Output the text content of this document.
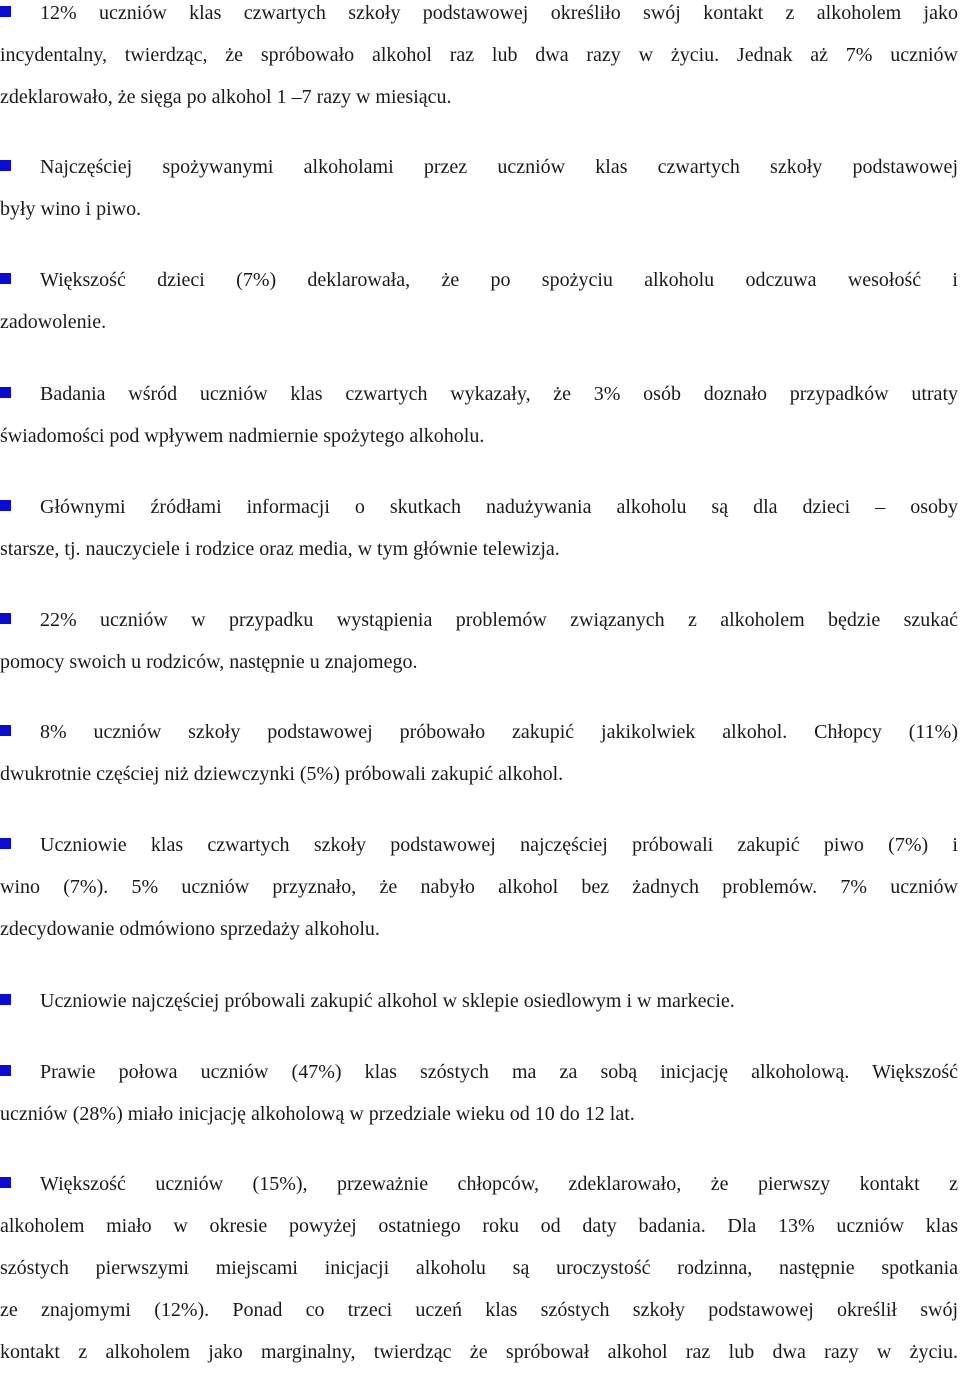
12% uczniów klas czwartych szkoły podstawowej określiło swój kontakt z alkoholem jako
incydentalny, twierdząc, że spróbowało alkohol raz lub dwa razy w życiu. Jednak aż 7% uczniów
zdeklarowało, że sięga po alkohol 1 –7 razy w miesiącu.
Najczęściej spożywanymi alkoholami przez uczniów klas czwartych szkoły podstawowej
były wino i piwo.
Większość dzieci (7%) deklarowała, że po spożyciu alkoholu odczuwa wesołość i
zadowolenie.
Badania wśród uczniów klas czwartych wykazały, że 3% osób doznało przypadków utraty
świadomości pod wpływem nadmiernie spożytego alkoholu.
Głównymi źródłami informacji o skutkach nadużywania alkoholu są dla dzieci – osoby
starsze, tj. nauczyciele i rodzice oraz media, w tym głównie telewizja.
22% uczniów w przypadku wystąpienia problemów związanych z alkoholem będzie szukać
pomocy swoich u rodziców, następnie u znajomego.
8% uczniów szkoły podstawowej próbowało zakupić jakikolwiek alkohol. Chłopcy (11%)
dwukrotnie częściej niż dziewczynki (5%) próbowali zakupić alkohol.
Uczniowie klas czwartych szkoły podstawowej najczęściej próbowali zakupić piwo (7%) i
wino (7%). 5% uczniów przyznało, że nabyło alkohol bez żadnych problemów. 7% uczniów
zdecydowanie odmówiono sprzedaży alkoholu.
Uczniowie najczęściej próbowali zakupić alkohol w sklepie osiedlowym i w markecie.
Prawie połowa uczniów (47%) klas szóstych ma za sobą inicjację alkoholową. Większość
uczniów (28%) miało inicjację alkoholową w przedziale wieku od 10 do 12 lat.
Większość uczniów (15%), przeważnie chłopców, zdeklarowało, że pierwszy kontakt z
alkoholem miało w okresie powyżej ostatniego roku od daty badania. Dla 13% uczniów klas
szóstych pierwszymi miejscami inicjacji alkoholu są uroczystość rodzinna, następnie spotkania
ze znajomymi (12%). Ponad co trzeci uczeń klas szóstych szkoły podstawowej określił swój
kontakt z alkoholem jako marginalny, twierdząc że spróbował alkohol raz lub dwa razy w życiu.
